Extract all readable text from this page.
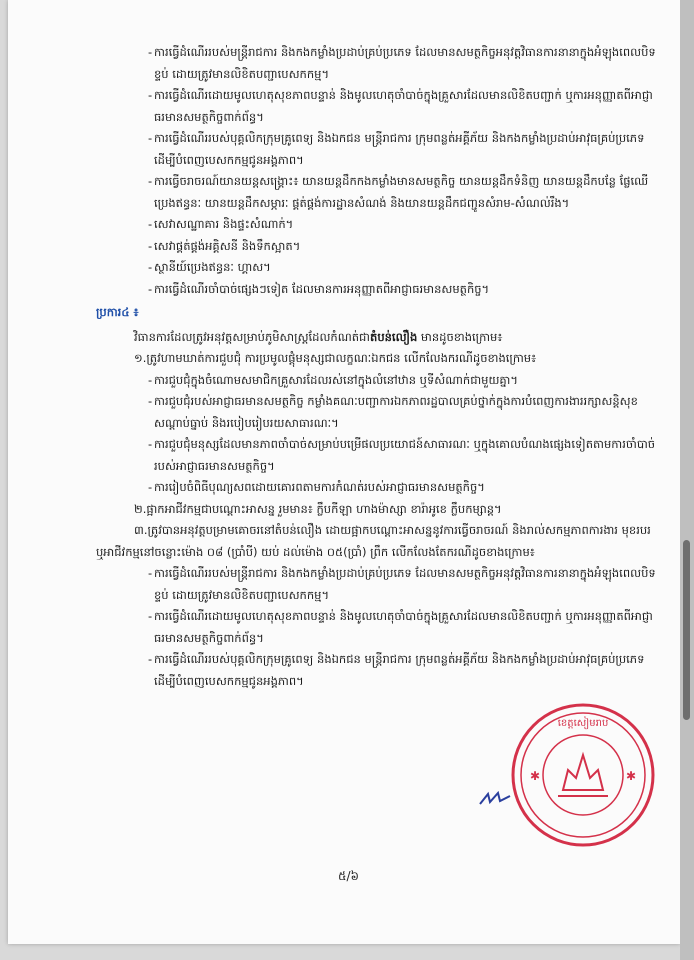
- ការធ្វើដំណើររបស់មន្ត្រីរាជការ និងកងកម្លាំងប្រដាប់គ្រប់ប្រភេទ ដែលមានសមត្ថកិច្ចអនុវត្តវិធានការនានាក្នុងអំឡុងពេលបិទខ្ទប់ ដោយត្រូវមានលិខិតបញ្ជាបេសកកម្ម។
- ការធ្វើដំណើរដោយមូលហេតុសុខភាពបន្ទាន់ និងមូលហេតុចាំបាច់ក្នុងគ្រួសារដែលមានលិខិតបញ្ជាក់ ឬការអនុញ្ញាតពីអាជ្ញាធរមានសមត្ថកិច្ចពាក់ព័ន្ធ។
- ការធ្វើដំណើររបស់បុគ្គលិកក្រុមគ្រូពេទ្យ និងឯកជន មន្ត្រីរាជការ ក្រុមពន្លត់អគ្គីភ័យ និងកងកម្លាំងប្រដាប់អាវុធគ្រប់ប្រភេទ ដើម្បីបំពេញបេសកកម្មជូនអង្គភាព។
- ការធ្វើចរាចរណ៍យានយន្តសង្គ្រោះ៖ យានយន្តដឹកកងកម្លាំងមានសមត្ថកិច្ច យានយន្តដឹកទំនិញ យានយន្តដឹកបន្លែ ផ្លែឈើ ប្រេងឥន្ធនៈ យានយន្តដឹកសម្ភារៈ ផ្គត់ផ្គង់ការដ្ឋានសំណង់ និងយានយន្តដឹកជញ្ជូនសំរាម-សំណល់រឹង។
- សេវាសណ្ឋាគារ និងផ្ទះសំណាក់។
- សេវាផ្គត់ផ្គង់អគ្គិសនី និងទឹកស្អាត។
- ស្ថានីយ៍ប្រេងឥន្ធនៈ ហ្គាស។
- ការធ្វើដំណើរចាំបាច់ផ្សេងៗទៀត ដែលមានការអនុញ្ញាតពីអាជ្ញាធរមានសមត្ថកិច្ច។
ប្រការ៤ ៖
វិធានការដែលត្រូវអនុវត្តសម្រាប់ភូមិសាស្ត្រដែលកំណត់ជាតំបន់លឿង មានដូចខាងក្រោម៖
១.ត្រូវហាមឃាត់ការជួបជុំ ការប្រមូលផ្តុំមនុស្សជាលក្ខណៈឯកជន លើកលែងករណីដូចខាងក្រោម៖
- ការជួបជុំក្នុងចំណោមសមាជិកគ្រួសារដែលរស់នៅក្នុងលំនៅឋាន ឬទីសំណាក់ជាមួយគ្នា។
- ការជួបជុំរបស់អាជ្ញាធរមានសមត្ថកិច្ច កម្លាំងគណៈបញ្ជាការឯកភាពរដ្ឋបាលគ្រប់ថ្នាក់ក្នុងការបំពេញការងាររក្សាសន្តិសុខ សណ្តាប់ធ្នាប់ និងរបៀបរៀបរយសាធារណៈ។
- ការជួបជុំមនុស្សដែលមានភាពចាំបាច់សម្រាប់បម្រើផលប្រយោជន៍សាធារណៈ ឬក្នុងគោលបំណងផ្សេងទៀតតាមការចាំបាច់របស់អាជ្ញាធរមានសមត្ថកិច្ច។
- ការរៀបចំពិធីបុណ្យសពដោយគោរពតាមការកំណត់របស់អាជ្ញាធរមានសមត្ថកិច្ច។
២.ផ្អាកអាជីវកម្មជាបណ្តោះអាសន្ន រួមមាន៖ ក្លឹបកីឡា ហាងម៉ាស្សា ខារ៉ាអូខេ ក្លឹបកម្សាន្ត។
៣.ត្រូវបានអនុវត្តបម្រាមគោចរនៅតំបន់លឿង ដោយផ្អាកបណ្តោះអាសន្ននូវការធ្វើចរាចរណ៍ និងរាល់សកម្មភាពការងារ មុខរបរ ឬអាជីវកម្មនៅចន្លោះម៉ោង ០៨ (ប្រាំបី) យប់ ដល់ម៉ោង ០៥(ប្រាំ) ព្រឹក លើកលែងតែករណីដូចខាងក្រោម៖
- ការធ្វើដំណើររបស់មន្ត្រីរាជការ និងកងកម្លាំងប្រដាប់គ្រប់ប្រភេទ ដែលមានសមត្ថកិច្ចអនុវត្តវិធានការនានាក្នុងអំឡុងពេលបិទខ្ទប់ ដោយត្រូវមានលិខិតបញ្ជាបេសកកម្ម។
- ការធ្វើដំណើរដោយមូលហេតុសុខភាពបន្ទាន់ និងមូលហេតុចាំបាច់ក្នុងគ្រួសារដែលមានលិខិតបញ្ជាក់ ឬការអនុញ្ញាតពីអាជ្ញាធរមានសមត្ថកិច្ចពាក់ព័ន្ធ។
- ការធ្វើដំណើររបស់បុគ្គលិកក្រុមគ្រូពេទ្យ និងឯកជន មន្ត្រីរាជការ ក្រុមពន្លត់អគ្គីភ័យ និងកងកម្លាំងប្រដាប់អាវុធគ្រប់ប្រភេទ ដើម្បីបំពេញបេសកកម្មជូនអង្គភាព។
ខេត្តសៀមរាប
✱	✱
៥/៦
